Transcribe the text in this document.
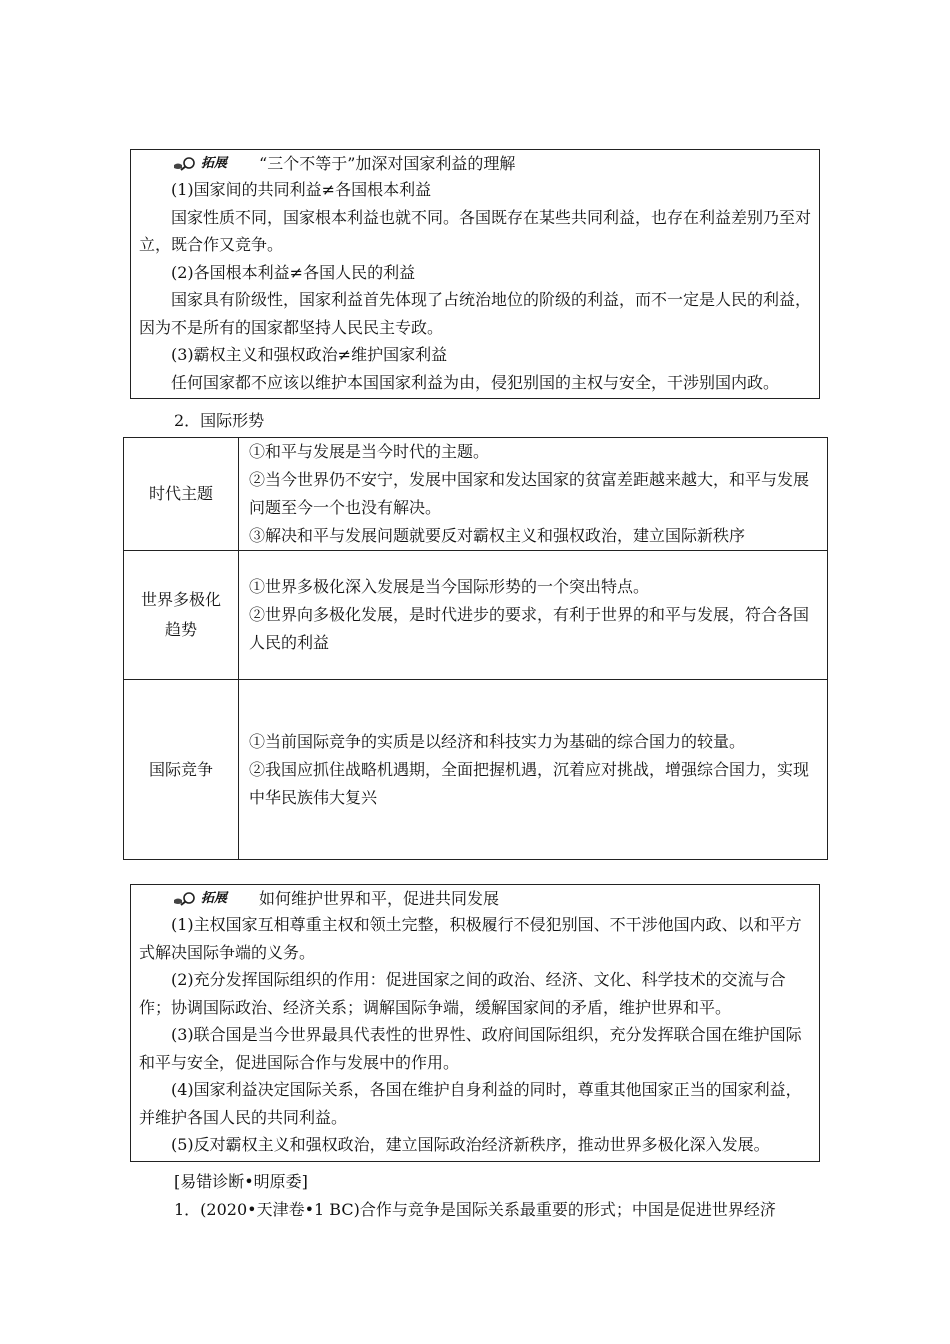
拓展 “三个不等于”加深对国家利益的理解

(1)国家间的共同利益≠各国根本利益

国家性质不同，国家根本利益也就不同。各国既存在某些共同利益，也存在利益差别乃至对立，既合作又竞争。

(2)各国根本利益≠各国人民的利益

国家具有阶级性，国家利益首先体现了占统治地位的阶级的利益，而不一定是人民的利益，因为不是所有的国家都坚持人民民主专政。

(3)霸权主义和强权政治≠维护国家利益

任何国家都不应该以维护本国国家利益为由，侵犯别国的主权与安全，干涉别国内政。

2．国际形势
时代主题	①和平与发展是当今时代的主题。

②当今世界仍不安宁，发展中国家和发达国家的贫富差距越来越大，和平与发展问题至今一个也没有解决。

③解决和平与发展问题就要反对霸权主义和强权政治，建立国际新秩序

世界多极化趋势	①世界多极化深入发展是当今国际形势的一个突出特点。

②世界向多极化发展，是时代进步的要求，有利于世界的和平与发展，符合各国人民的利益

国际竞争	①当前国际竞争的实质是以经济和科技实力为基础的综合国力的较量。

②我国应抓住战略机遇期，全面把握机遇，沉着应对挑战，增强综合国力，实现中华民族伟大复兴

拓展 如何维护世界和平，促进共同发展

(1)主权国家互相尊重主权和领土完整，积极履行不侵犯别国、不干涉他国内政、以和平方式解决国际争端的义务。

(2)充分发挥国际组织的作用：促进国家之间的政治、经济、文化、科学技术的交流与合作；协调国际政治、经济关系；调解国际争端，缓解国家间的矛盾，维护世界和平。

(3)联合国是当今世界最具代表性的世界性、政府间国际组织，充分发挥联合国在维护国际和平与安全，促进国际合作与发展中的作用。

(4)国家利益决定国际关系，各国在维护自身利益的同时，尊重其他国家正当的国家利益，并维护各国人民的共同利益。

(5)反对霸权主义和强权政治，建立国际政治经济新秩序，推动世界多极化深入发展。

[易错诊断•明原委]
1．(2020•天津卷•1 BC)合作与竞争是国际关系最重要的形式；中国是促进世界经济
